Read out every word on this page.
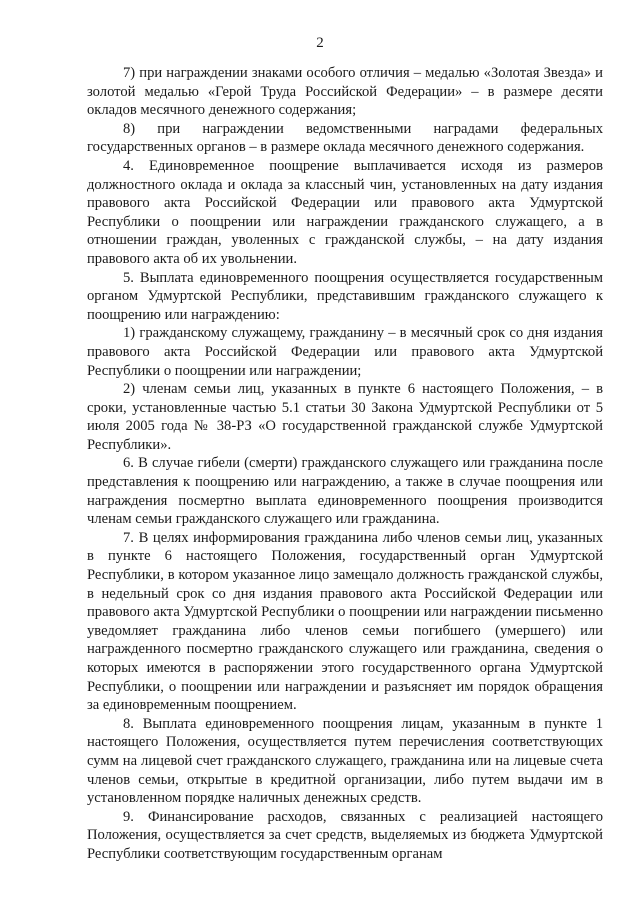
2

7) при награждении знаками особого отличия – медалью «Золотая Звезда» и золотой медалью «Герой Труда Российской Федерации» – в размере десяти окладов месячного денежного содержания;

8) при награждении ведомственными наградами федеральных государственных органов – в размере оклада месячного денежного содержания.

4. Единовременное поощрение выплачивается исходя из размеров должностного оклада и оклада за классный чин, установленных на дату издания правового акта Российской Федерации или правового акта Удмуртской Республики о поощрении или награждении гражданского служащего, а в отношении граждан, уволенных с гражданской службы, – на дату издания правового акта об их увольнении.

5. Выплата единовременного поощрения осуществляется государственным органом Удмуртской Республики, представившим гражданского служащего к поощрению или награждению:

1) гражданскому служащему, гражданину – в месячный срок со дня издания правового акта Российской Федерации или правового акта Удмуртской Республики о поощрении или награждении;

2) членам семьи лиц, указанных в пункте 6 настоящего Положения, – в сроки, установленные частью 5.1 статьи 30 Закона Удмуртской Республики от 5 июля 2005 года № 38-РЗ «О государственной гражданской службе Удмуртской Республики».

6. В случае гибели (смерти) гражданского служащего или гражданина после представления к поощрению или награждению, а также в случае поощрения или награждения посмертно выплата единовременного поощрения производится членам семьи гражданского служащего или гражданина.

7. В целях информирования гражданина либо членов семьи лиц, указанных в пункте 6 настоящего Положения, государственный орган Удмуртской Республики, в котором указанное лицо замещало должность гражданской службы, в недельный срок со дня издания правового акта Российской Федерации или правового акта Удмуртской Республики о поощрении или награждении письменно уведомляет гражданина либо членов семьи погибшего (умершего) или награжденного посмертно гражданского служащего или гражданина, сведения о которых имеются в распоряжении этого государственного органа Удмуртской Республики, о поощрении или награждении и разъясняет им порядок обращения за единовременным поощрением.

8. Выплата единовременного поощрения лицам, указанным в пункте 1 настоящего Положения, осуществляется путем перечисления соответствующих сумм на лицевой счет гражданского служащего, гражданина или на лицевые счета членов семьи, открытые в кредитной организации, либо путем выдачи им в установленном порядке наличных денежных средств.

9. Финансирование расходов, связанных с реализацией настоящего Положения, осуществляется за счет средств, выделяемых из бюджета Удмуртской Республики соответствующим государственным органам
